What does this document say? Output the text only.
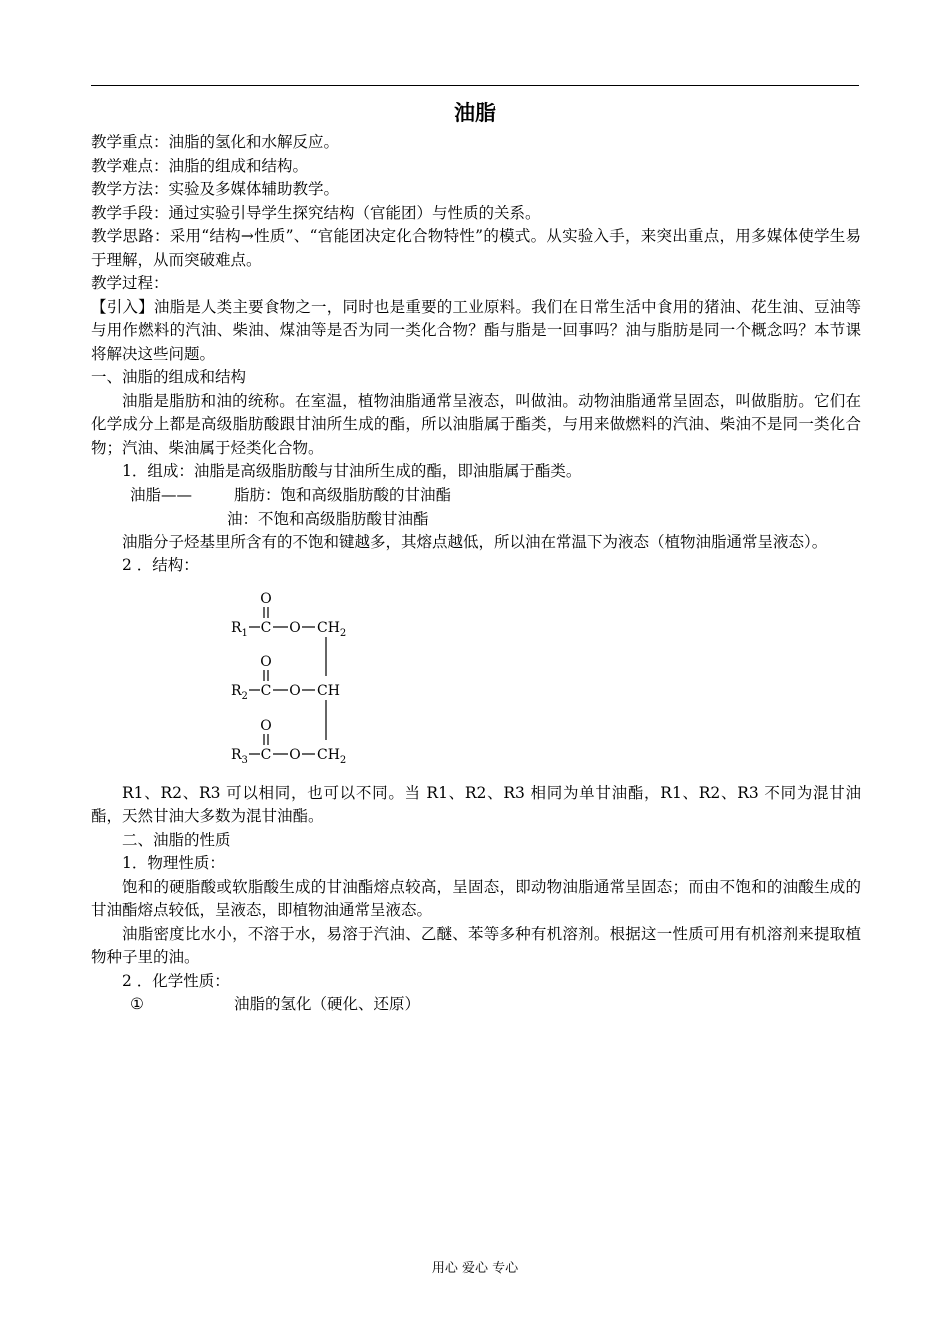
油脂

教学重点：油脂的氢化和水解反应。

教学难点：油脂的组成和结构。

教学方法：实验及多媒体辅助教学。

教学手段：通过实验引导学生探究结构（官能团）与性质的关系。

教学思路：采用“结构→性质”、“官能团决定化合物特性”的模式。从实验入手，来突出重点，用多媒体使学生易于理解，从而突破难点。

教学过程：

【引入】油脂是人类主要食物之一，同时也是重要的工业原料。我们在日常生活中食用的猪油、花生油、豆油等与用作燃料的汽油、柴油、煤油等是否为同一类化合物？酯与脂是一回事吗？油与脂肪是同一个概念吗？本节课将解决这些问题。

一、油脂的组成和结构

油脂是脂肪和油的统称。在室温，植物油脂通常呈液态，叫做油。动物油脂通常呈固态，叫做脂肪。它们在化学成分上都是高级脂肪酸跟甘油所生成的酯，所以油脂属于酯类，与用来做燃料的汽油、柴油不是同一类化合物；汽油、柴油属于烃类化合物。

1．组成：油脂是高级脂肪酸与甘油所生成的酯，即油脂属于酯类。

油脂——	脂肪：饱和高级脂肪酸的甘油酯
油：不饱和高级脂肪酸甘油酯

油脂分子烃基里所含有的不饱和键越多，其熔点越低，所以油在常温下为液态（植物油脂通常呈液态）。

2 ．结构：

O
$R_1$ C O $CH_2$
O
$R_2$ C O CH
O
$R_3$ C O $CH_2$

R1、R2、R3 可以相同，也可以不同。当 R1、R2、R3 相同为单甘油酯，R1、R2、R3 不同为混甘油酯，天然甘油大多数为混甘油酯。

二、油脂的性质

1．物理性质：

饱和的硬脂酸或软脂酸生成的甘油酯熔点较高，呈固态，即动物油脂通常呈固态；而由不饱和的油酸生成的甘油酯熔点较低，呈液态，即植物油通常呈液态。

油脂密度比水小，不溶于水，易溶于汽油、乙醚、苯等多种有机溶剂。根据这一性质可用有机溶剂来提取植物种子里的油。

2 ．化学性质：

①	油脂的氢化（硬化、还原）
用心 爱心 专心
